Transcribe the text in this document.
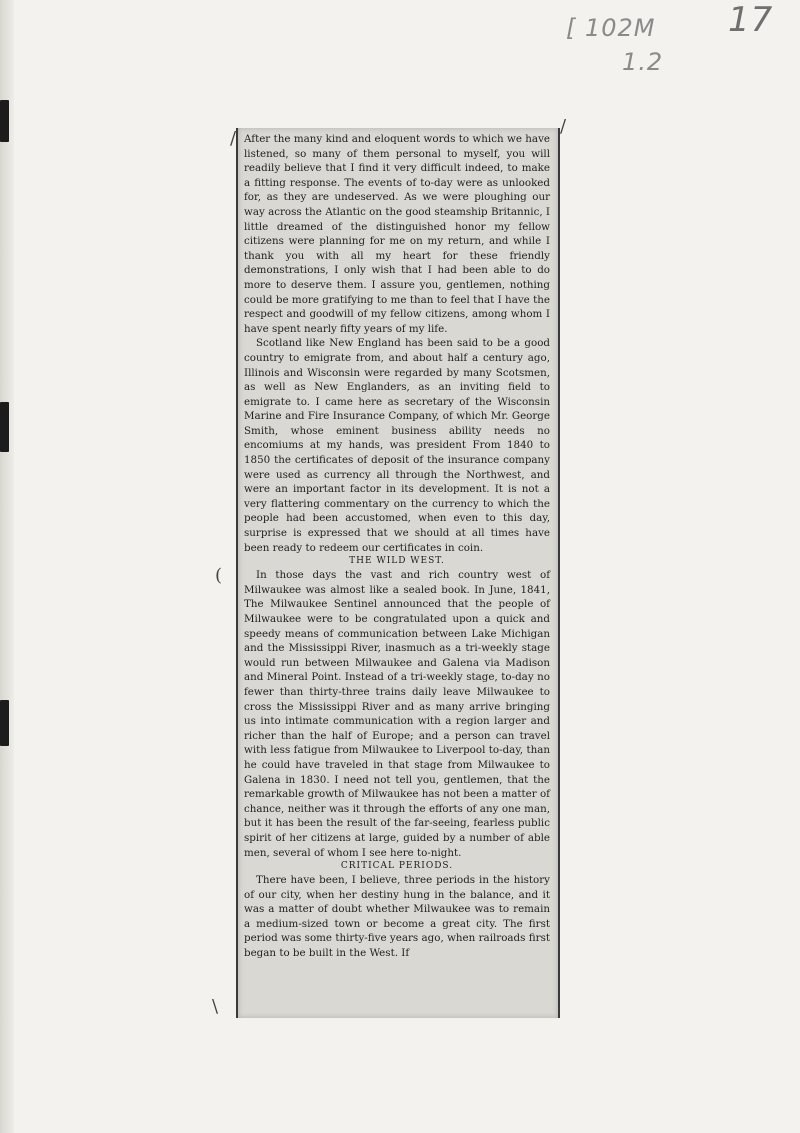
[ 102M 17
1.2
/
/
(
\

After the many kind and eloquent words to which we have listened, so many of them personal to myself, you will readily believe that I find it very difficult indeed, to make a fitting response. The events of to-day were as unlooked for, as they are undeserved. As we were ploughing our way across the Atlantic on the good steamship Britannic, I little dreamed of the distinguished honor my fellow citizens were planning for me on my return, and while I thank you with all my heart for these friendly demonstrations, I only wish that I had been able to do more to deserve them. I assure you, gentlemen, nothing could be more gratifying to me than to feel that I have the respect and goodwill of my fellow citizens, among whom I have spent nearly fifty years of my life.

Scotland like New England has been said to be a good country to emigrate from, and about half a century ago, Illinois and Wisconsin were regarded by many Scotsmen, as well as New Englanders, as an inviting field to emigrate to. I came here as secretary of the Wisconsin Marine and Fire Insurance Company, of which Mr. George Smith, whose eminent business ability needs no encomiums at my hands, was president From 1840 to 1850 the certificates of deposit of the insurance company were used as currency all through the Northwest, and were an important factor in its development. It is not a very flattering commentary on the currency to which the people had been accustomed, when even to this day, surprise is expressed that we should at all times have been ready to redeem our certificates in coin.

THE WILD WEST.

In those days the vast and rich country west of Milwaukee was almost like a sealed book. In June, 1841, The Milwaukee Sentinel announced that the people of Milwaukee were to be congratulated upon a quick and speedy means of communication between Lake Michigan and the Mississippi River, inasmuch as a tri-weekly stage would run between Milwaukee and Galena via Madison and Mineral Point. Instead of a tri-weekly stage, to-day no fewer than thirty-three trains daily leave Milwaukee to cross the Mississippi River and as many arrive bringing us into intimate communication with a region larger and richer than the half of Europe; and a person can travel with less fatigue from Milwaukee to Liverpool to-day, than he could have traveled in that stage from Milwaukee to Galena in 1830. I need not tell you, gentlemen, that the remarkable growth of Milwaukee has not been a matter of chance, neither was it through the efforts of any one man, but it has been the result of the far-seeing, fearless public spirit of her citizens at large, guided by a number of able men, several of whom I see here to-night.

CRITICAL PERIODS.

There have been, I believe, three periods in the history of our city, when her destiny hung in the balance, and it was a matter of doubt whether Milwaukee was to remain a medium-sized town or become a great city. The first period was some thirty-five years ago, when railroads first began to be built in the West. If
